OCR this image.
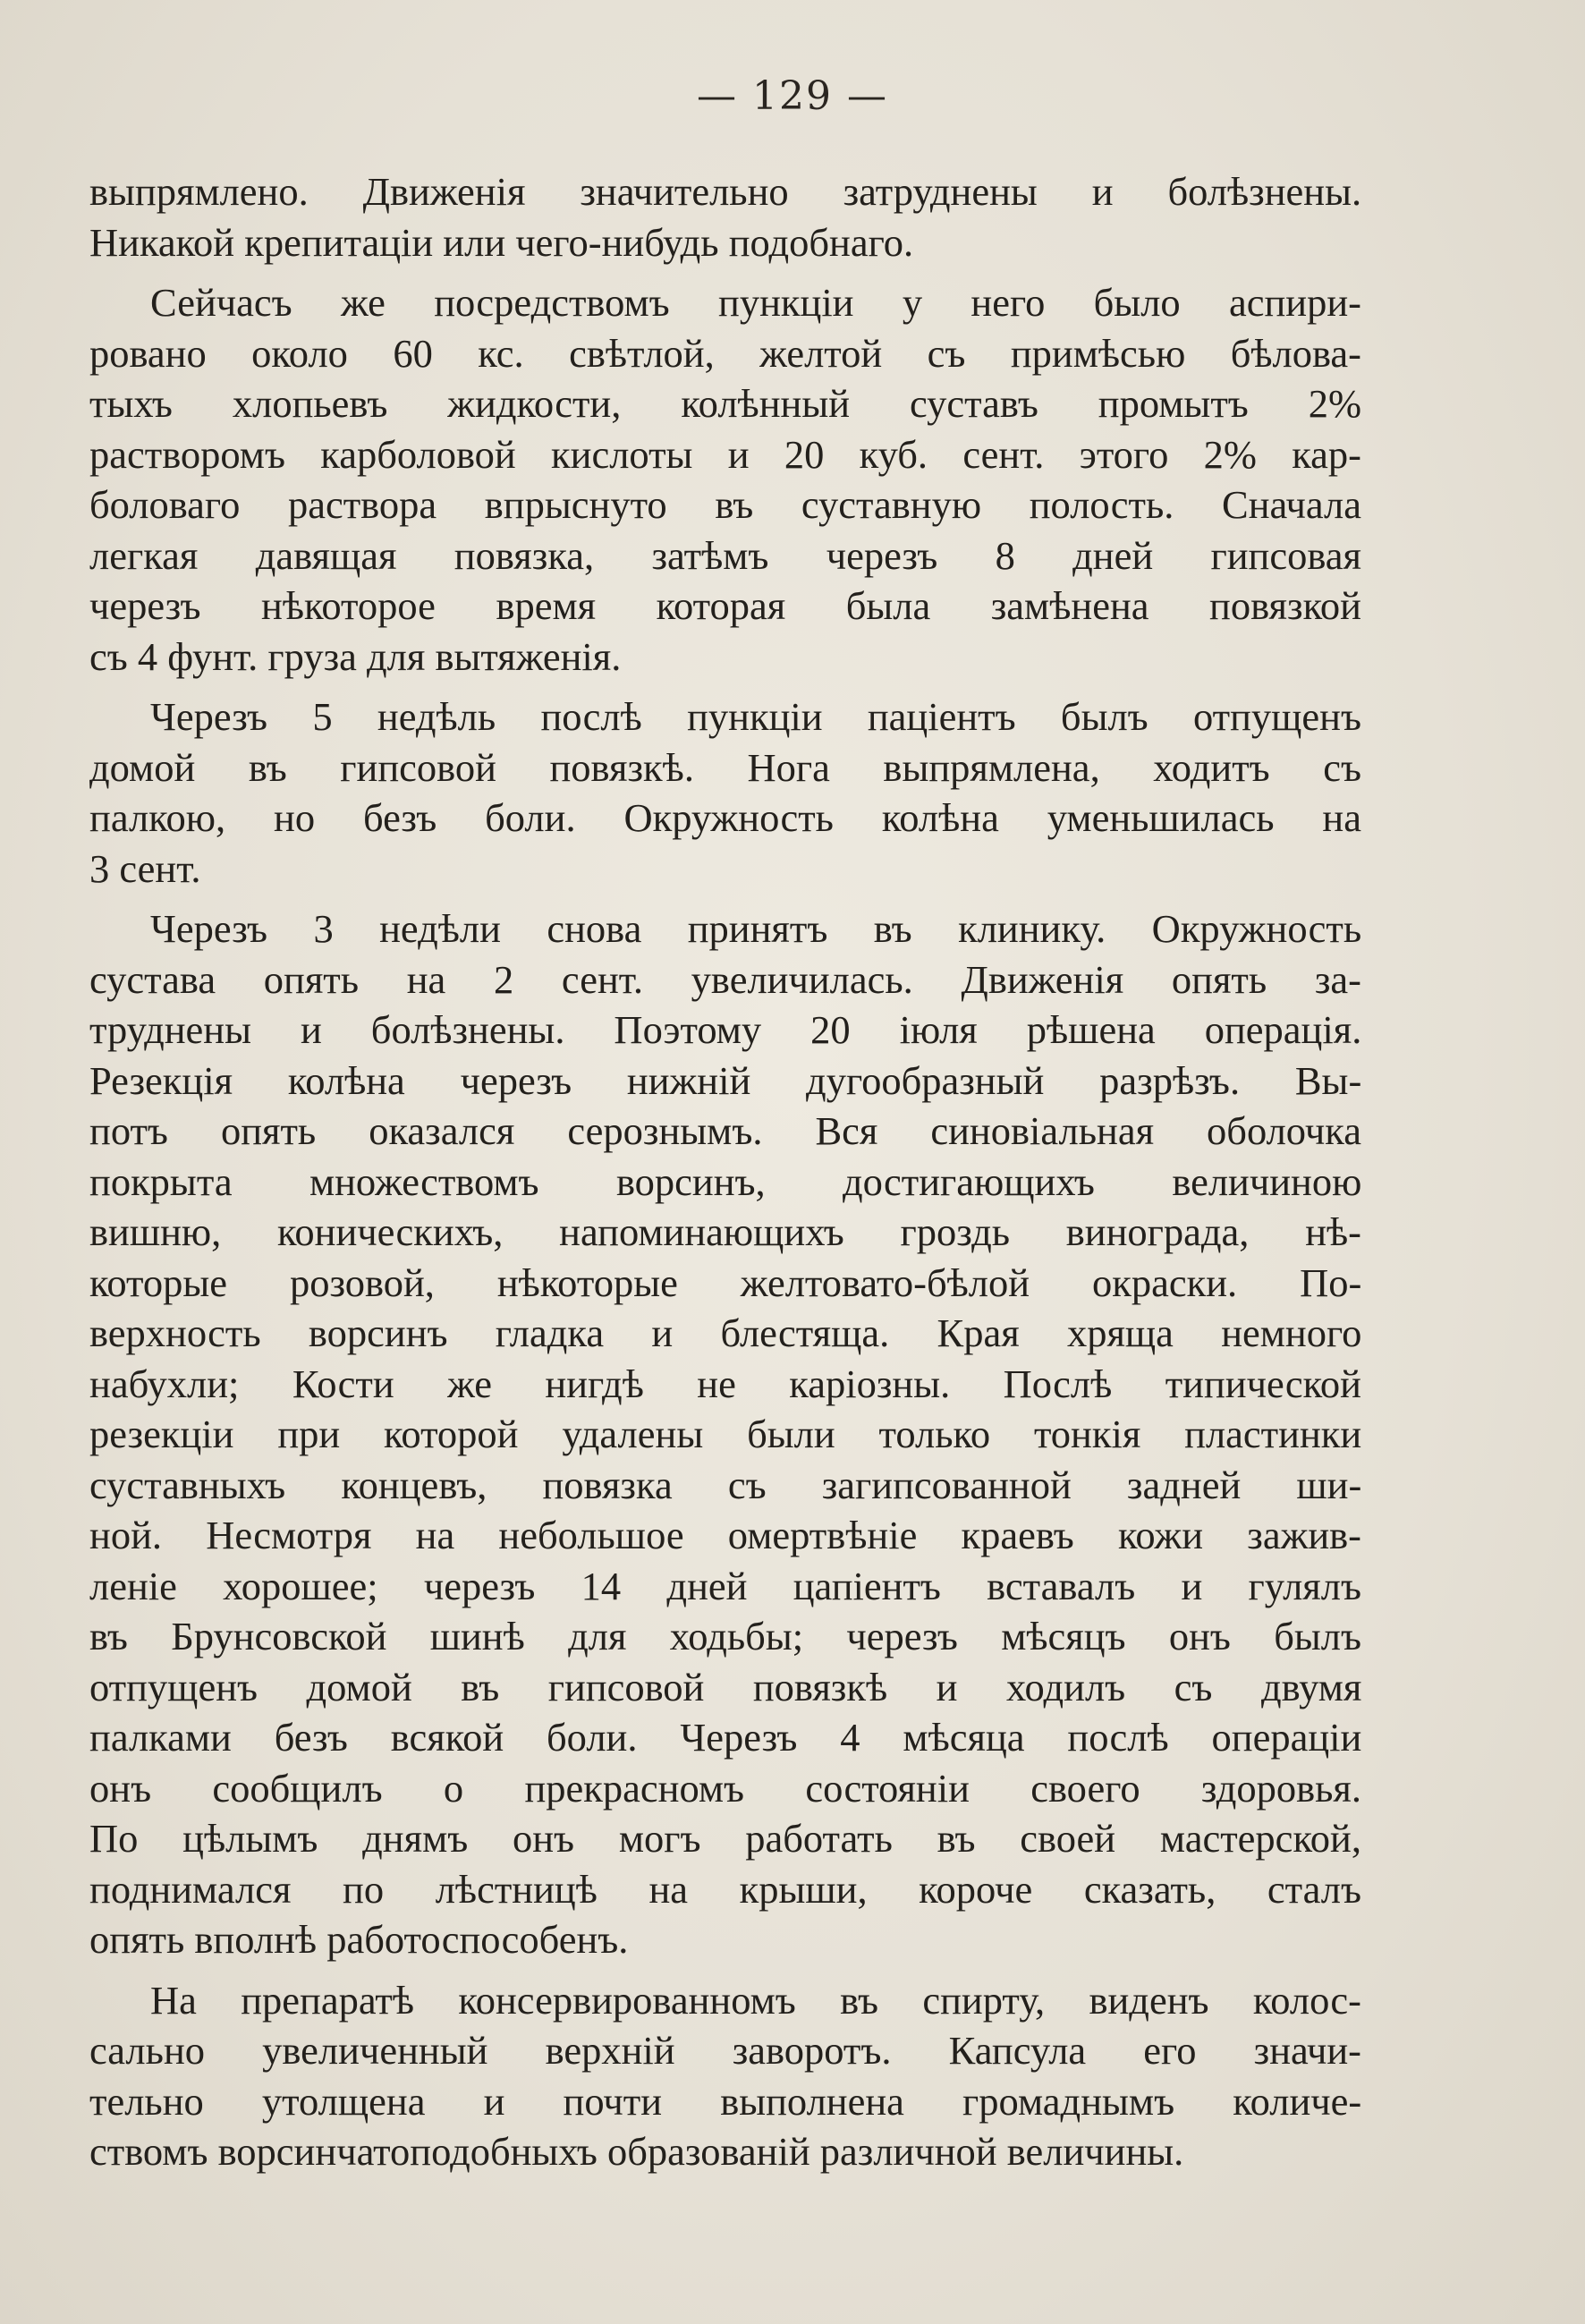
— 129 —

выпрямлено. Движенія значительно затруднены и болѣзнены.
Никакой крепитаціи или чего-нибудь подобнаго.

Сейчасъ же посредствомъ пункціи у него было аспири-
ровано около 60 кс. свѣтлой, желтой съ примѣсью бѣлова-
тыхъ хлопьевъ жидкости, колѣнный суставъ промытъ 2%
растворомъ карболовой кислоты и 20 куб. сент. этого 2% кар-
боловаго раствора впрыснуто въ суставную полость. Сначала
легкая давящая повязка, затѣмъ черезъ 8 дней гипсовая
черезъ нѣкоторое время которая была замѣнена повязкой
съ 4 фунт. груза для вытяженія.

Черезъ 5 недѣль послѣ пункціи паціентъ былъ отпущенъ
домой въ гипсовой повязкѣ. Нога выпрямлена, ходитъ съ
палкою, но безъ боли. Окружность колѣна уменьшилась на
3 сент.

Черезъ 3 недѣли снова принятъ въ клинику. Окружность
сустава опять на 2 сент. увеличилась. Движенія опять за-
труднены и болѣзнены. Поэтому 20 іюля рѣшена операція.
Резекція колѣна черезъ нижній дугообразный разрѣзъ. Вы-
потъ опять оказался серознымъ. Вся синовіальная оболочка
покрыта множествомъ ворсинъ, достигающихъ величиною
вишню, коническихъ, напоминающихъ гроздь винограда, нѣ-
которые розовой, нѣкоторые желтовато-бѣлой окраски. По-
верхность ворсинъ гладка и блестяща. Края хряща немного
набухли; Кости же нигдѣ не каріозны. Послѣ типической
резекціи при которой удалены были только тонкія пластинки
суставныхъ концевъ, повязка съ загипсованной задней ши-
ной. Несмотря на небольшое омертвѣніе краевъ кожи зажив-
леніе хорошее; черезъ 14 дней цапіентъ вставалъ и гулялъ
въ Брунсовской шинѣ для ходьбы; черезъ мѣсяцъ онъ былъ
отпущенъ домой въ гипсовой повязкѣ и ходилъ съ двумя
палками безъ всякой боли. Черезъ 4 мѣсяца послѣ операціи
онъ сообщилъ о прекрасномъ состояніи своего здоровья.
По цѣлымъ днямъ онъ могъ работать въ своей мастерской,
поднимался по лѣстницѣ на крыши, короче сказать, сталъ
опять вполнѣ работоспособенъ.

На препаратѣ консервированномъ въ спирту, виденъ колос-
сально увеличенный верхній заворотъ. Капсула его значи-
тельно утолщена и почти выполнена громаднымъ количе-
ствомъ ворсинчатоподобныхъ образованій различной величины.
